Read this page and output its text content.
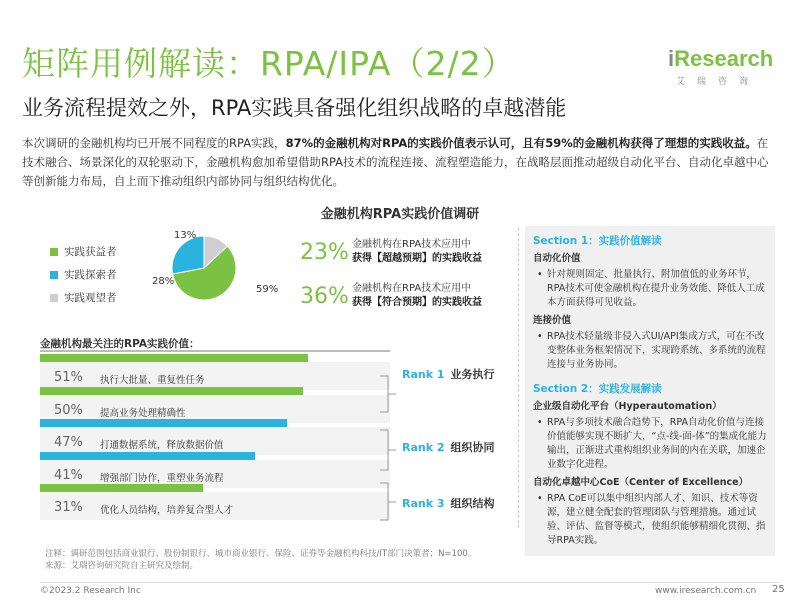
矩阵用例解读：RPA/IPA（2/2）
业务流程提效之外，RPA实践具备强化组织战略的卓越潜能
iResearch
艾瑞咨询
本次调研的金融机构均已开展不同程度的RPA实践，87%的金融机构对RPA的实践价值表示认可，且有59%的金融机构获得了理想的实践收益。在技术融合、场景深化的双轮驱动下，金融机构愈加希望借助RPA技术的流程连接、流程塑造能力，在战略层面推动超级自动化平台、自动化卓越中心等创新能力布局，自上而下推动组织内部协同与组织结构优化。
金融机构RPA实践价值调研
实践获益者
实践探索者
实践观望者
59%
28%
13%
23% 金融机构在RPA技术应用中
获得【超越预期】的实践收益
36% 金融机构在RPA技术应用中
获得【符合预期】的实践收益
金融机构最关注的RPA实践价值：
51% 执行大批量、重复性任务
50% 提高业务处理精确性
47% 打通数据系统，释放数据价值
41% 增强部门协作，重塑业务流程
31% 优化人员结构，培养复合型人才
Rank 1 业务执行
Rank 2 组织协同
Rank 3 组织结构
Section 1：实践价值解读
自动化价值
• 针对规则固定、批量执行、附加值低的业务环节，RPA技术可使金融机构在提升业务效能、降低人工成本方面获得可见收益。
连接价值
• RPA技术轻量级非侵入式UI/API集成方式，可在不改变整体业务框架情况下，实现跨系统、多系统的流程连接与业务协同。
Section 2：实践发展解读
企业级自动化平台（Hyperautomation）
• RPA与多项技术融合趋势下，RPA自动化价值与连接价值能够实现不断扩大，“点-线-面-体”的集成化能力输出，正渐进式重构组织业务间的内在关联，加速企业数字化进程。
自动化卓越中心CoE（Center of Excellence）
• RPA CoE可以集中组织内部人才、知识、技术等资源，建立健全配套的管理团队与管理措施。通过试验、评估、监督等模式，使组织能够精细化贯彻、指导RPA实践。
注释：调研范围包括商业银行、股份制银行、城市商业银行、保险、证券等金融机构科技/IT部门决策者；N=100。
来源：艾瑞咨询研究院自主研究及绘制。
©2023.2 Research Inc	www.iresearch.com.cn 25
